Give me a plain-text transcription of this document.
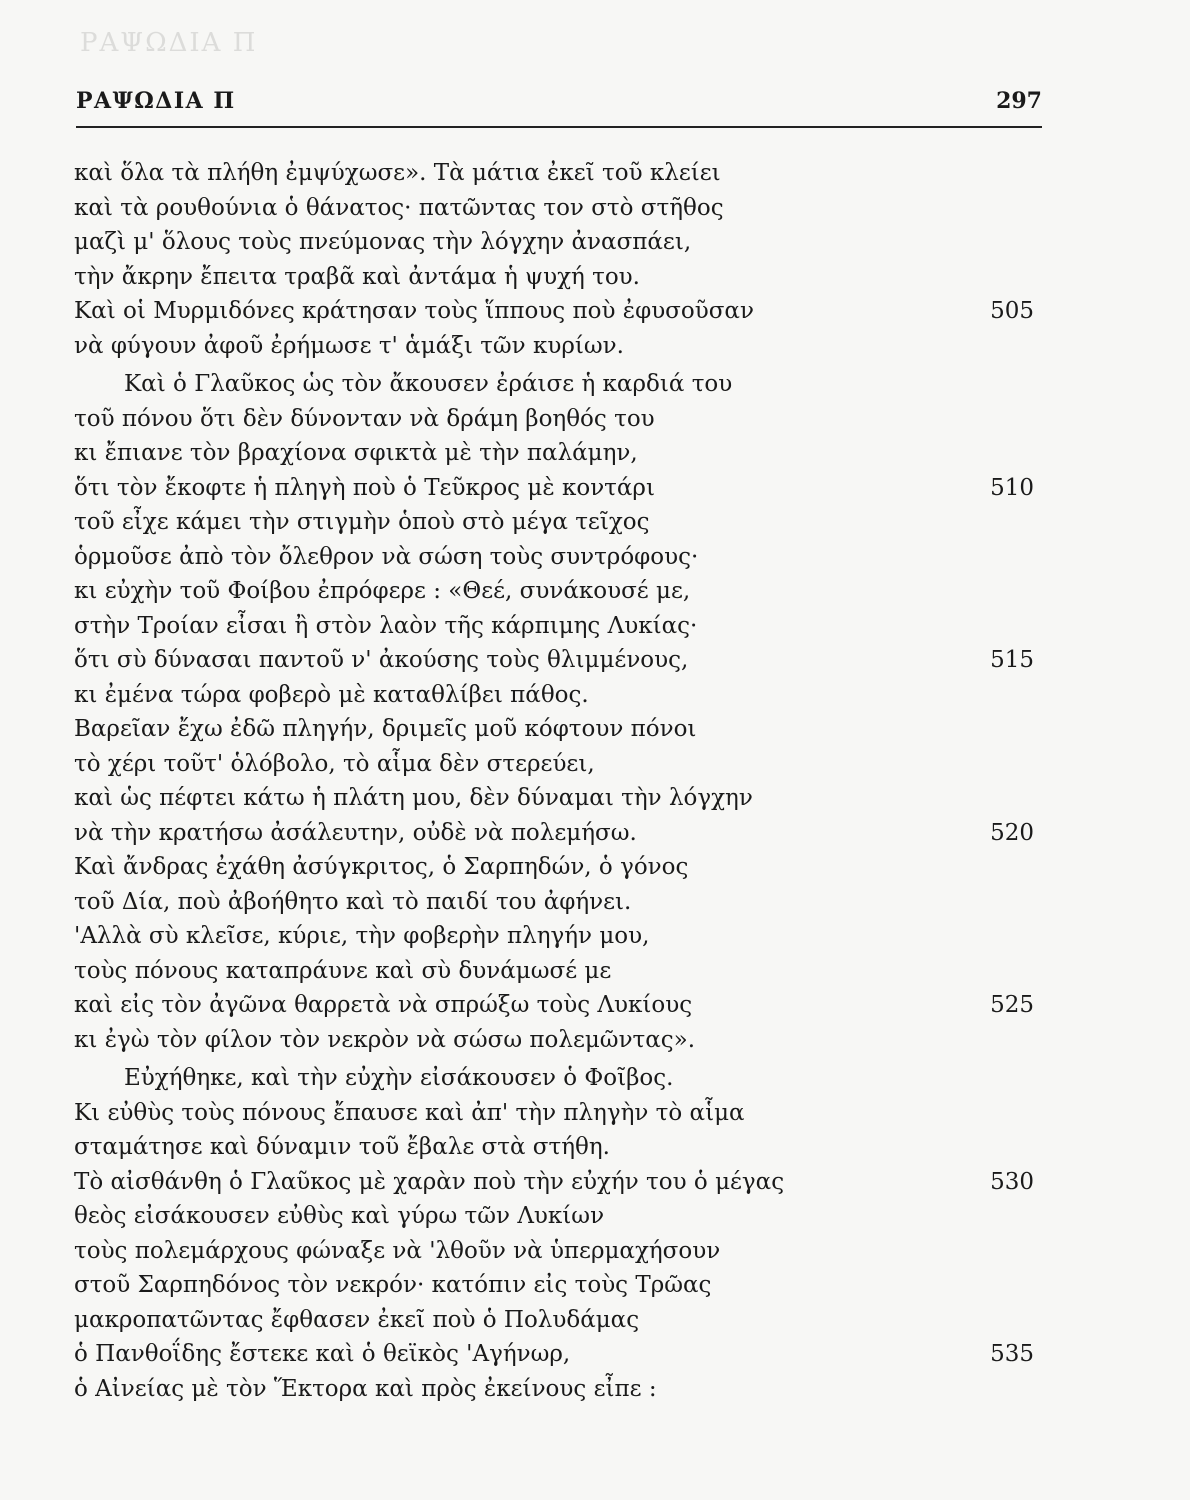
ΡΑΨΩΔΙΑ Π
ΡΑΨΩΔΙΑ Π	297
καὶ ὅλα τὰ πλήθη ἐμψύχωσε». Τὰ μάτια ἐκεῖ τοῦ κλείει
καὶ τὰ ρουθούνια ὁ θάνατος· πατῶντας τον στὸ στῆθος
μαζὶ μ' ὅλους τοὺς πνεύμονας τὴν λόγχην ἀνασπάει,
τὴν ἄκρην ἔπειτα τραβᾶ καὶ ἀντάμα ἡ ψυχή του.
Καὶ οἱ Μυρμιδόνες κράτησαν τοὺς ἵππους ποὺ ἐφυσοῦσαν	505
νὰ φύγουν ἀφοῦ ἐρήμωσε τ' ἁμάξι τῶν κυρίων.
Καὶ ὁ Γλαῦκος ὡς τὸν ἄκουσεν ἐράισε ἡ καρδιά του
τοῦ πόνου ὅτι δὲν δύνονταν νὰ δράμη βοηθός του
κι ἔπιανε τὸν βραχίονα σφικτὰ μὲ τὴν παλάμην,
ὅτι τὸν ἔκοφτε ἡ πληγὴ ποὺ ὁ Τεῦκρος μὲ κοντάρι	510
τοῦ εἶχε κάμει τὴν στιγμὴν ὁποὺ στὸ μέγα τεῖχος
ὁρμοῦσε ἀπὸ τὸν ὄλεθρον νὰ σώση τοὺς συντρόφους·
κι εὐχὴν τοῦ Φοίβου ἐπρόφερε : «Θεέ, συνάκουσέ με,
στὴν Τροίαν εἶσαι ἢ στὸν λαὸν τῆς κάρπιμης Λυκίας·
ὅτι σὺ δύνασαι παντοῦ ν' ἀκούσης τοὺς θλιμμένους,	515
κι ἐμένα τώρα φοβερὸ μὲ καταθλίβει πάθος.
Βαρεῖαν ἔχω ἐδῶ πληγήν, δριμεῖς μοῦ κόφτουν πόνοι
τὸ χέρι τοῦτ' ὁλόβολο, τὸ αἷμα δὲν στερεύει,
καὶ ὡς πέφτει κάτω ἡ πλάτη μου, δὲν δύναμαι τὴν λόγχην
νὰ τὴν κρατήσω ἀσάλευτην, οὐδὲ νὰ πολεμήσω.	520
Καὶ ἄνδρας ἐχάθη ἀσύγκριτος, ὁ Σαρπηδών, ὁ γόνος
τοῦ Δία, ποὺ ἀβοήθητο καὶ τὸ παιδί του ἀφήνει.
'Αλλὰ σὺ κλεῖσε, κύριε, τὴν φοβερὴν πληγήν μου,
τοὺς πόνους καταπράυνε καὶ σὺ δυνάμωσέ με
καὶ εἰς τὸν ἀγῶνα θαρρετὰ νὰ σπρώξω τοὺς Λυκίους	525
κι ἐγὼ τὸν φίλον τὸν νεκρὸν νὰ σώσω πολεμῶντας».
Εὐχήθηκε, καὶ τὴν εὐχὴν εἰσάκουσεν ὁ Φοῖβος.
Κι εὐθὺς τοὺς πόνους ἔπαυσε καὶ ἀπ' τὴν πληγὴν τὸ αἷμα
σταμάτησε καὶ δύναμιν τοῦ ἔβαλε στὰ στήθη.
Τὸ αἰσθάνθη ὁ Γλαῦκος μὲ χαρὰν ποὺ τὴν εὐχήν του ὁ μέγας	530
θεὸς εἰσάκουσεν εὐθὺς καὶ γύρω τῶν Λυκίων
τοὺς πολεμάρχους φώναξε νὰ 'λθοῦν νὰ ὑπερμαχήσουν
στοῦ Σαρπηδόνος τὸν νεκρόν· κατόπιν εἰς τοὺς Τρῶας
μακροπατῶντας ἔφθασεν ἐκεῖ ποὺ ὁ Πολυδάμας
ὁ Πανθοΐδης ἔστεκε καὶ ὁ θεϊκὸς 'Αγήνωρ,	535
ὁ Αἰνείας μὲ τὸν Ἕκτορα καὶ πρὸς ἐκείνους εἶπε :
